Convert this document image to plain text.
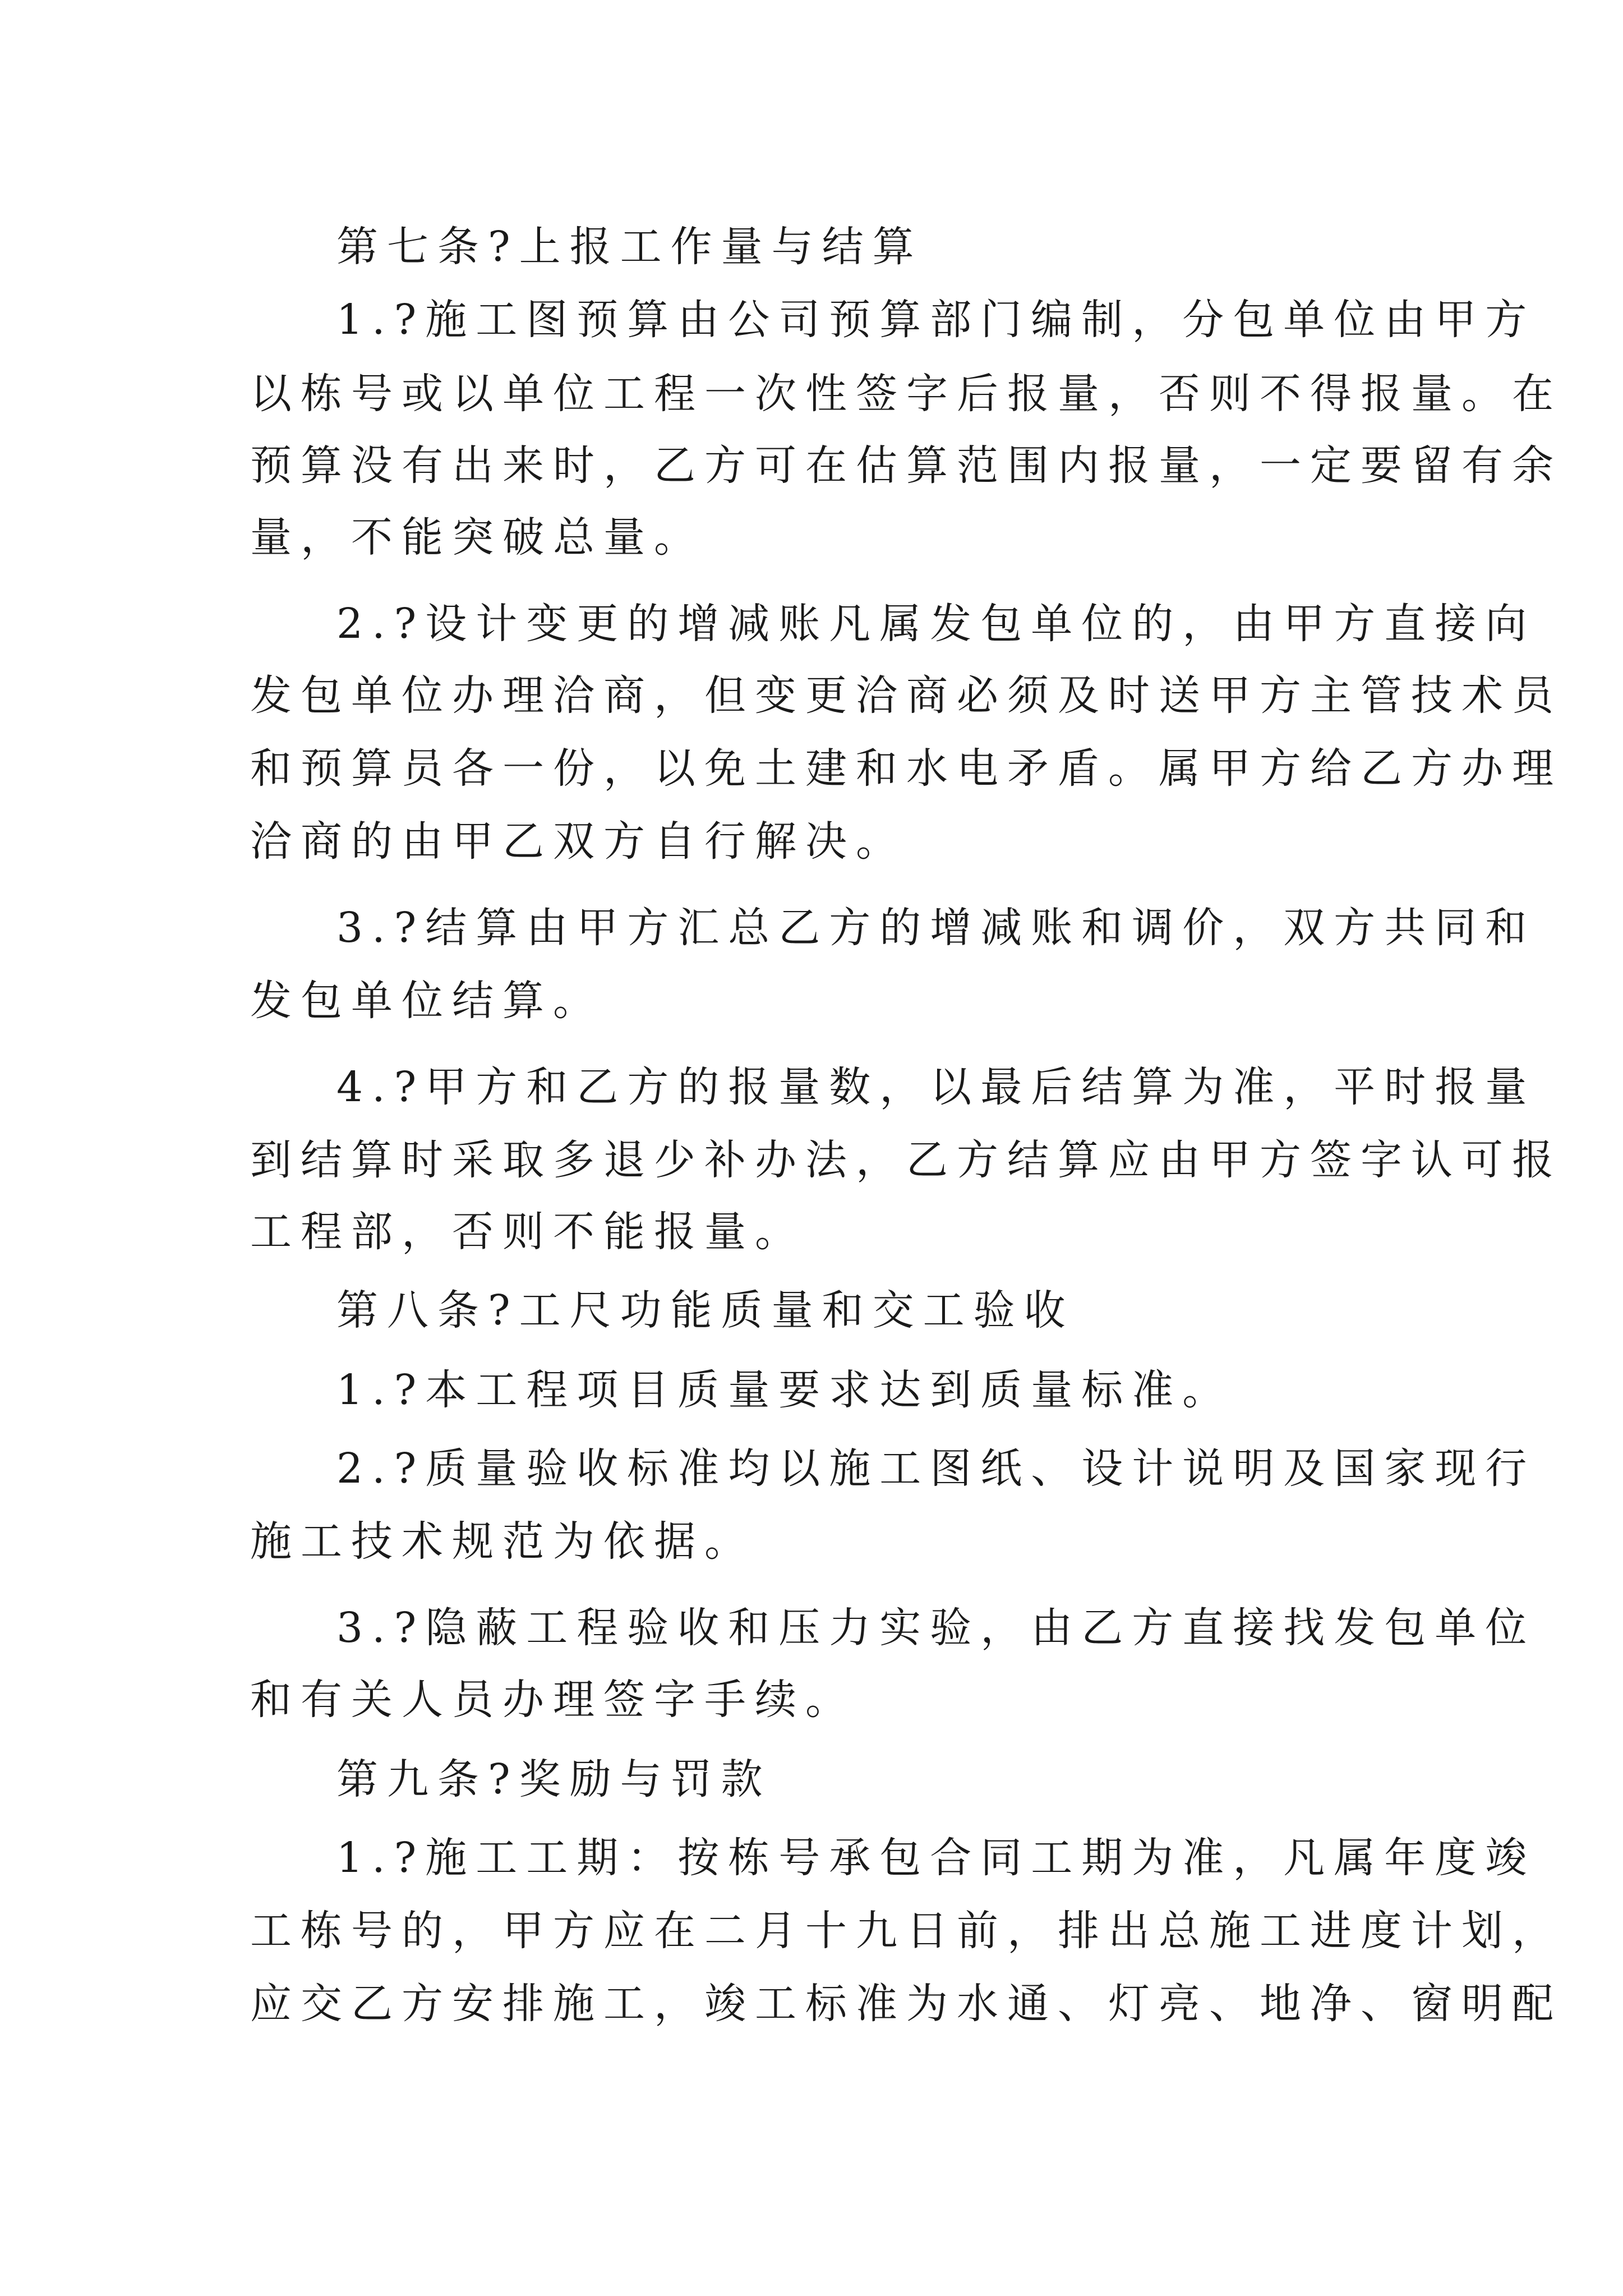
第七条?上报工作量与结算
1.?施工图预算由公司预算部门编制，分包单位由甲方
以栋号或以单位工程一次性签字后报量，否则不得报量。在
预算没有出来时，乙方可在估算范围内报量，一定要留有余
量，不能突破总量。
2.?设计变更的增减账凡属发包单位的，由甲方直接向
发包单位办理洽商，但变更洽商必须及时送甲方主管技术员
和预算员各一份，以免土建和水电矛盾。属甲方给乙方办理
洽商的由甲乙双方自行解决。
3.?结算由甲方汇总乙方的增减账和调价，双方共同和
发包单位结算。
4.?甲方和乙方的报量数，以最后结算为准，平时报量
到结算时采取多退少补办法，乙方结算应由甲方签字认可报
工程部，否则不能报量。
第八条?工尺功能质量和交工验收
1.?本工程项目质量要求达到质量标准。
2.?质量验收标准均以施工图纸、设计说明及国家现行
施工技术规范为依据。
3.?隐蔽工程验收和压力实验，由乙方直接找发包单位
和有关人员办理签字手续。
第九条?奖励与罚款
1.?施工工期：按栋号承包合同工期为准，凡属年度竣
工栋号的，甲方应在二月十九日前，排出总施工进度计划，
应交乙方安排施工，竣工标准为水通、灯亮、地净、窗明配
